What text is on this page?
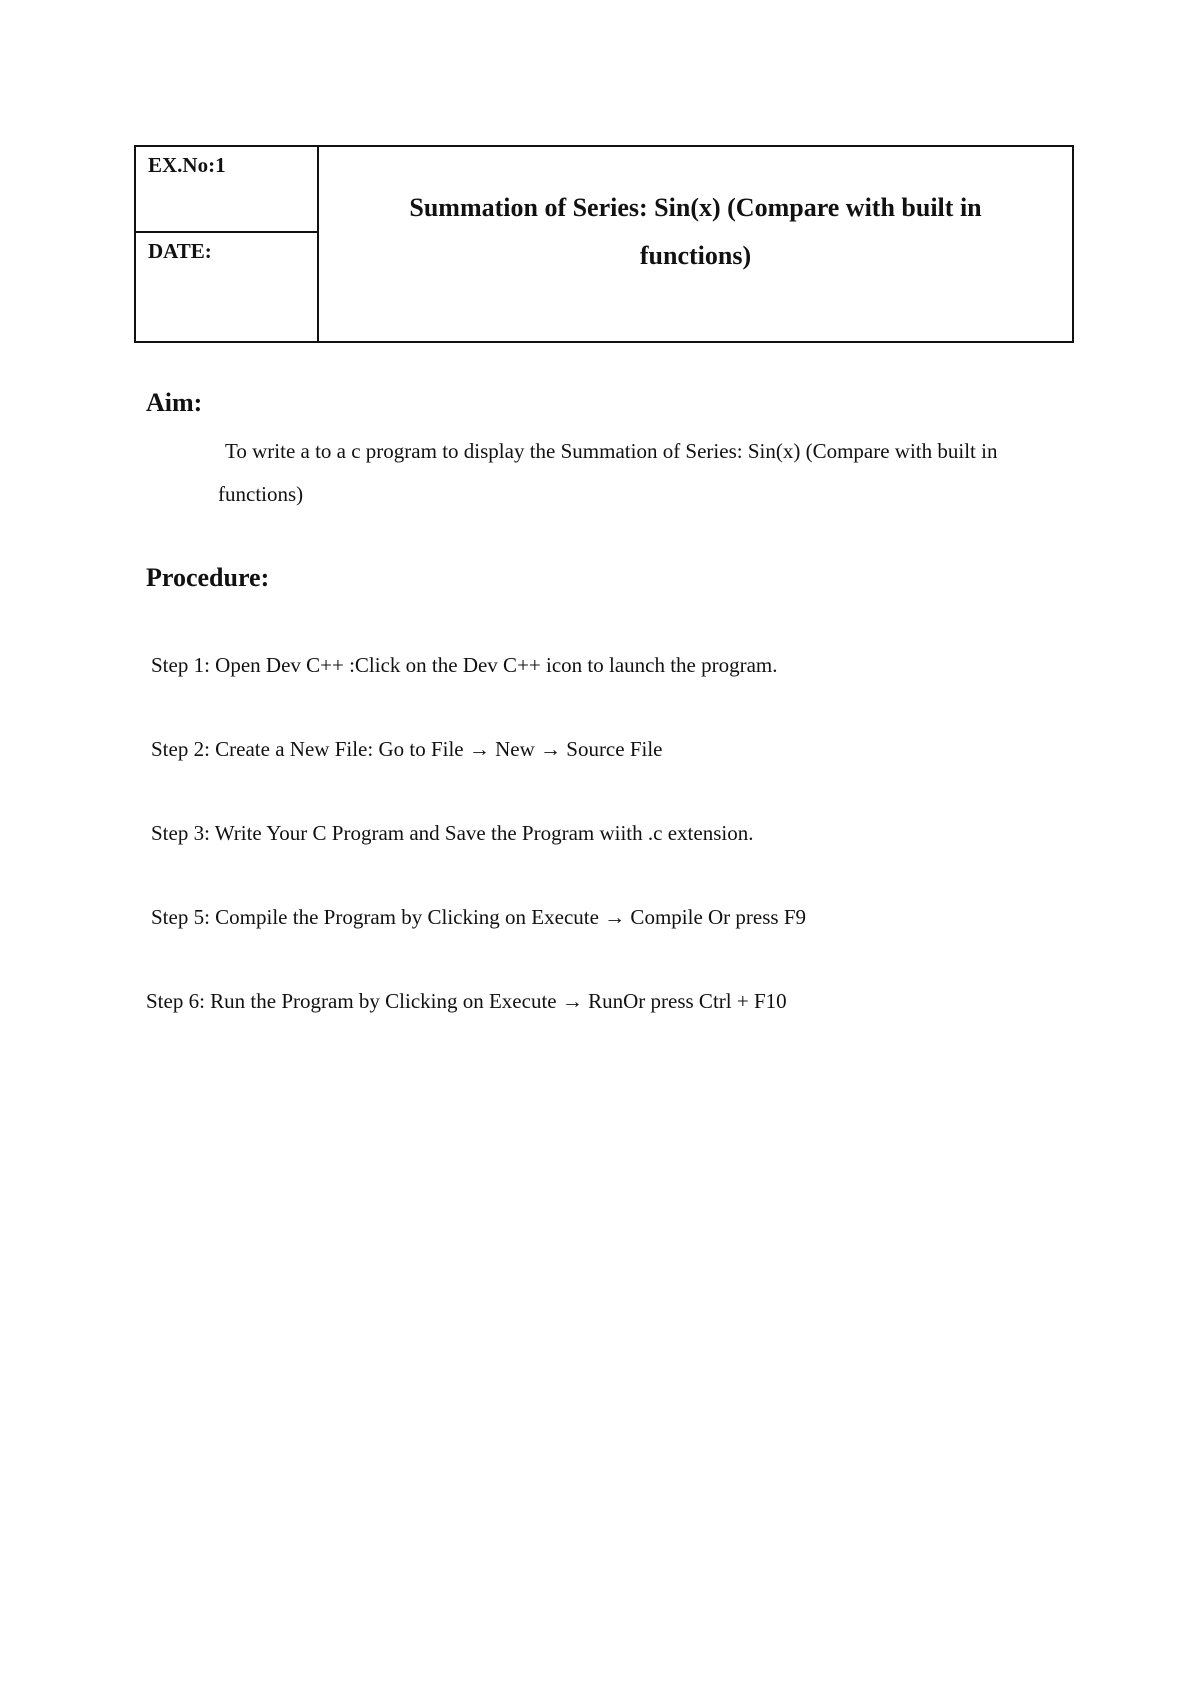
EX.No:1
DATE:
Summation of Series: Sin(x) (Compare with built in functions)
Aim:
To write a to a c program to display the Summation of Series: Sin(x) (Compare with built in functions)
Procedure:
Step 1: Open Dev C++ :Click on the Dev C++ icon to launch the program.
Step 2: Create a New File: Go to File → New → Source File
Step 3: Write Your C Program and Save the Program wiith .c extension.
Step 5: Compile the Program by Clicking on Execute → Compile Or press F9
Step 6: Run the Program by Clicking on Execute → RunOr press Ctrl + F10
